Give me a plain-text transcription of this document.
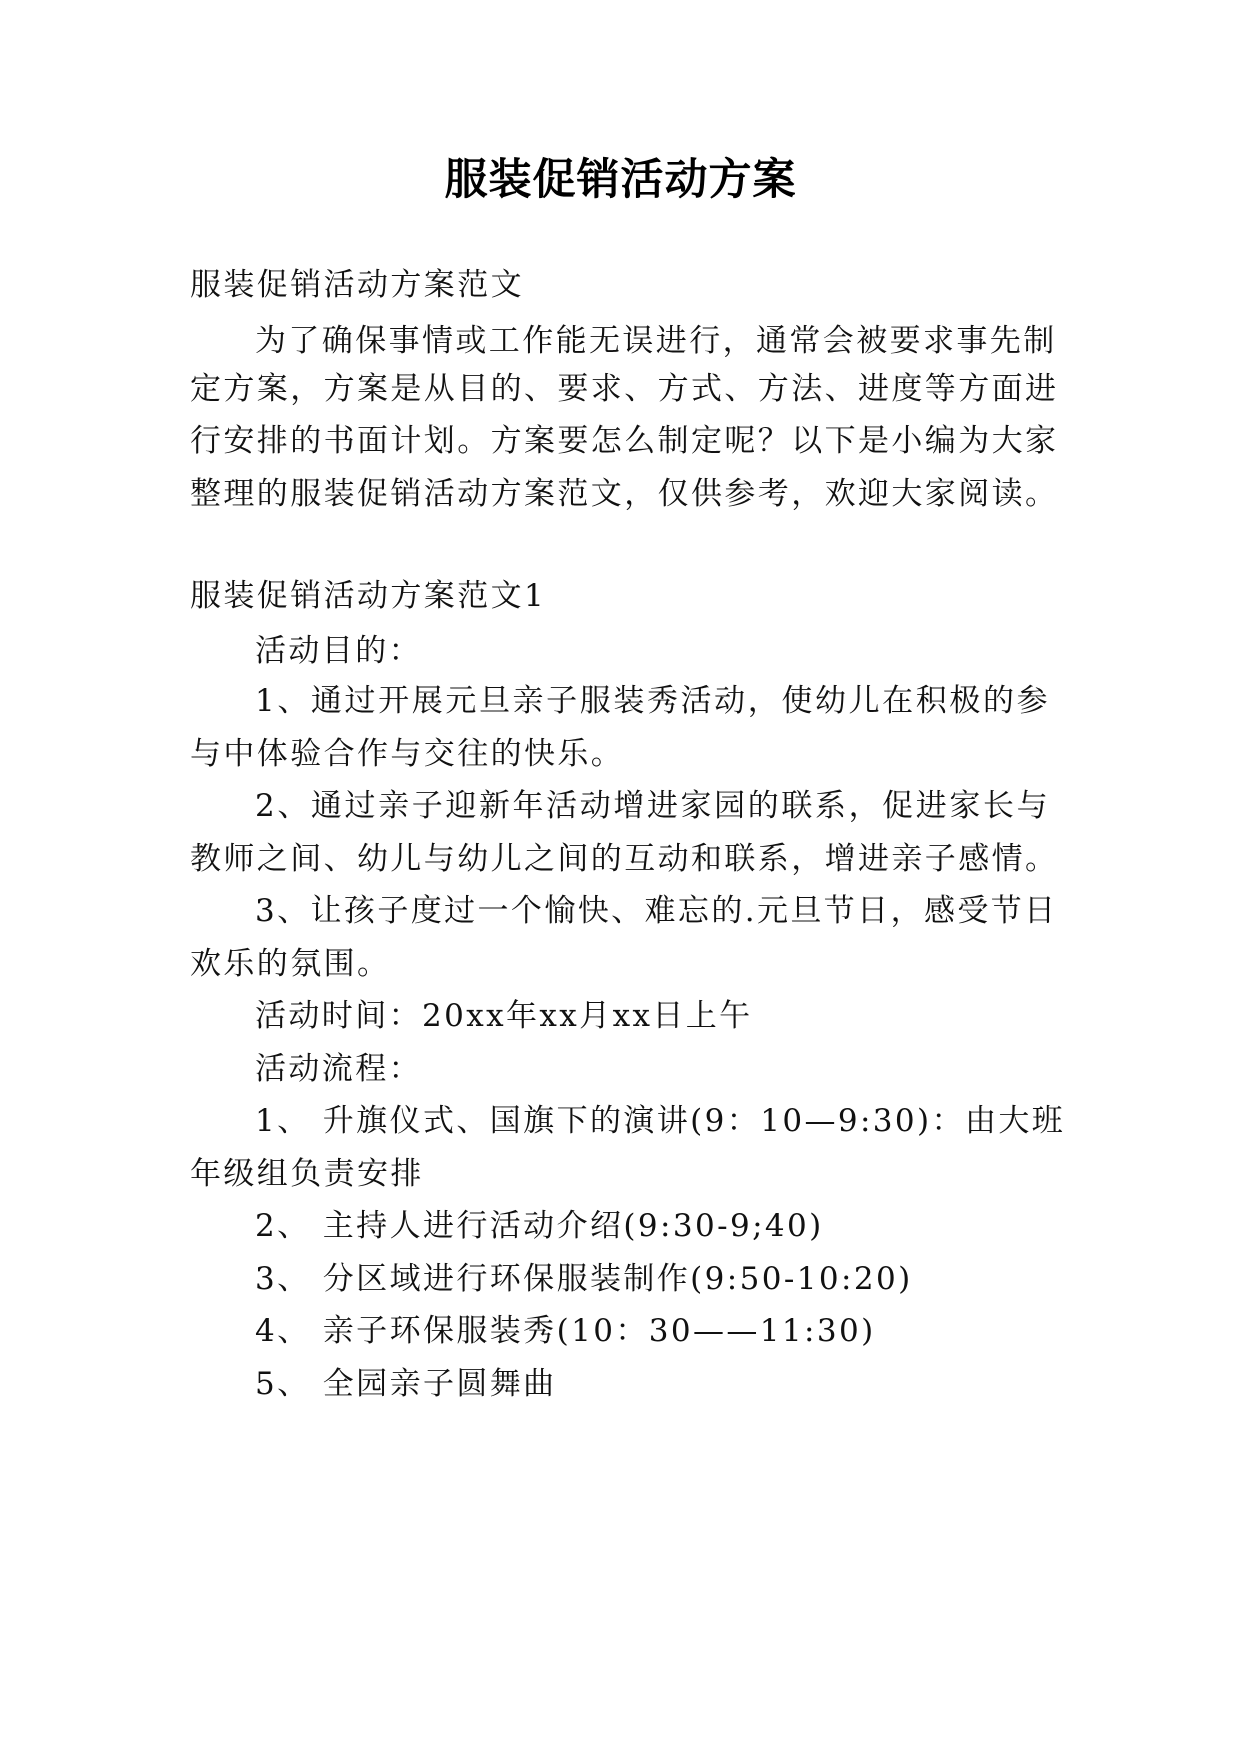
服装促销活动方案
服装促销活动方案范文
为了确保事情或工作能无误进行，通常会被要求事先制
定方案，方案是从目的、要求、方式、方法、进度等方面进
行安排的书面计划。方案要怎么制定呢？以下是小编为大家
整理的服装促销活动方案范文，仅供参考，欢迎大家阅读。
服装促销活动方案范文1
活动目的：
1、通过开展元旦亲子服装秀活动，使幼儿在积极的参
与中体验合作与交往的快乐。
2、通过亲子迎新年活动增进家园的联系，促进家长与
教师之间、幼儿与幼儿之间的互动和联系，增进亲子感情。
3、让孩子度过一个愉快、难忘的.元旦节日，感受节日
欢乐的氛围。
活动时间：20xx年xx月xx日上午
活动流程：
1、 升旗仪式、国旗下的演讲(9：10—9:30)：由大班
年级组负责安排
2、 主持人进行活动介绍(9:30-9;40)
3、 分区域进行环保服装制作(9:50-10:20)
4、 亲子环保服装秀(10：30——11:30)
5、 全园亲子圆舞曲
